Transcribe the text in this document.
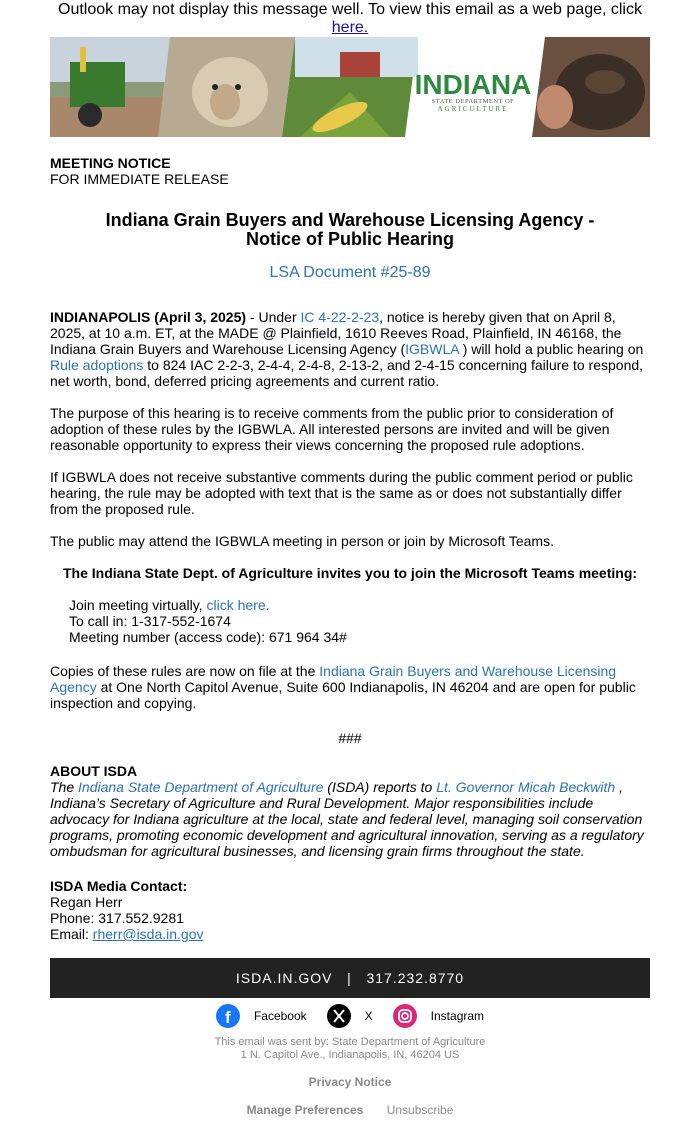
Outlook may not display this message well. To view this email as a web page, click
here.
INDIANA
STATE DEPARTMENT OF
AGRICULTURE
MEETING NOTICE
FOR IMMEDIATE RELEASE
Indiana Grain Buyers and Warehouse Licensing Agency -
Notice of Public Hearing
LSA Document #25-89
INDIANAPOLIS (April 3, 2025) - Under IC 4-22-2-23, notice is hereby given that on April 8, 2025, at 10 a.m. ET, at the MADE @ Plainfield, 1610 Reeves Road, Plainfield, IN 46168, the Indiana Grain Buyers and Warehouse Licensing Agency (IGBWLA ) will hold a public hearing on Rule adoptions to 824 IAC 2-2-3, 2-4-4, 2-4-8, 2-13-2, and 2-4-15 concerning failure to respond, net worth, bond, deferred pricing agreements and current ratio.
The purpose of this hearing is to receive comments from the public prior to consideration of adoption of these rules by the IGBWLA. All interested persons are invited and will be given reasonable opportunity to express their views concerning the proposed rule adoptions.
If IGBWLA does not receive substantive comments during the public comment period or public hearing, the rule may be adopted with text that is the same as or does not substantially differ from the proposed rule.
The public may attend the IGBWLA meeting in person or join by Microsoft Teams.
The Indiana State Dept. of Agriculture invites you to join the Microsoft Teams meeting:
Join meeting virtually, click here.
To call in: 1-317-552-1674
Meeting number (access code): 671 964 34#
Copies of these rules are now on file at the Indiana Grain Buyers and Warehouse Licensing Agency at One North Capitol Avenue, Suite 600 Indianapolis, IN 46204 and are open for public inspection and copying.
###
ABOUT ISDA
The Indiana State Department of Agriculture (ISDA) reports to Lt. Governor Micah Beckwith , Indiana’s Secretary of Agriculture and Rural Development. Major responsibilities include advocacy for Indiana agriculture at the local, state and federal level, managing soil conservation programs, promoting economic development and agricultural innovation, serving as a regulatory ombudsman for agricultural businesses, and licensing grain firms throughout the state.
ISDA Media Contact:
Regan Herr
Phone: 317.552.9281
Email: rherr@isda.in.gov
ISDA.IN.GOV   |   317.232.8770
f Facebook	X	Instagram
This email was sent by: State Department of Agriculture
1 N. Capitol Ave., Indianapolis, IN, 46204 US
Privacy Notice
Manage Preferences Unsubscribe
